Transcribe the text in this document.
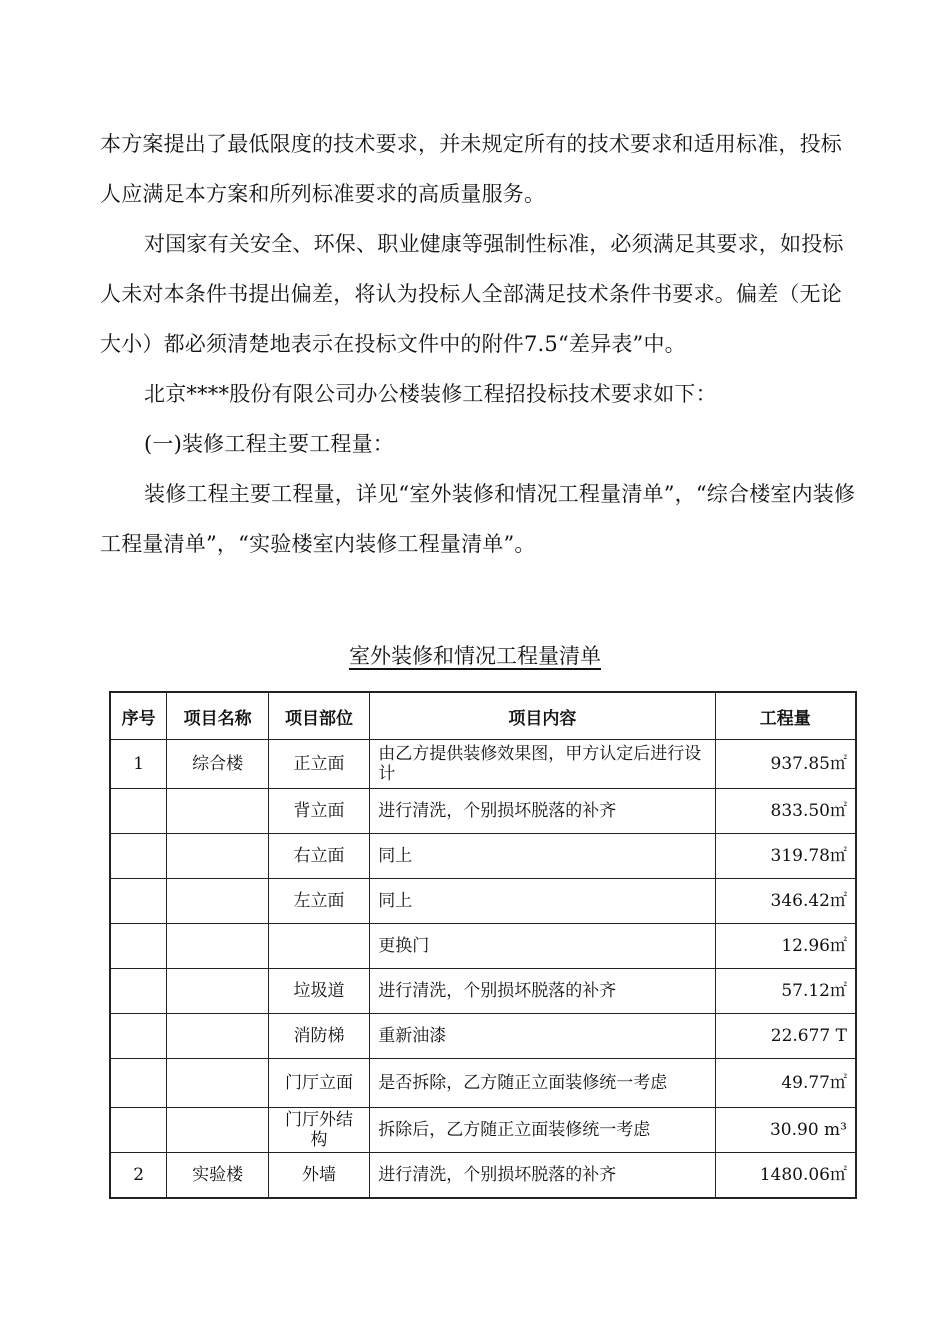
本方案提出了最低限度的技术要求，并未规定所有的技术要求和适用标准，投标人应满足本方案和所列标准要求的高质量服务。

对国家有关安全、环保、职业健康等强制性标准，必须满足其要求，如投标人未对本条件书提出偏差，将认为投标人全部满足技术条件书要求。偏差（无论大小）都必须清楚地表示在投标文件中的附件7.5“差异表”中。

北京****股份有限公司办公楼装修工程招投标技术要求如下：

(一)装修工程主要工程量：

装修工程主要工程量，详见“室外装修和情况工程量清单”，“综合楼室内装修工程量清单”，“实验楼室内装修工程量清单”。

室外装修和情况工程量清单
序号	项目名称	项目部位	项目内容	工程量
1	综合楼	正立面	由乙方提供装修效果图，甲方认定后进行设计	937.85㎡
		背立面	进行清洗，个别损坏脱落的补齐	833.50㎡
		右立面	同上	319.78㎡
		左立面	同上	346.42㎡
			更换门	12.96㎡
		垃圾道	进行清洗，个别损坏脱落的补齐	57.12㎡
		消防梯	重新油漆	22.677 T
		门厅立面	是否拆除，乙方随正立面装修统一考虑	49.77㎡
		门厅外结构	拆除后，乙方随正立面装修统一考虑	30.90 m³
2	实验楼	外墙	进行清洗，个别损坏脱落的补齐	1480.06㎡
